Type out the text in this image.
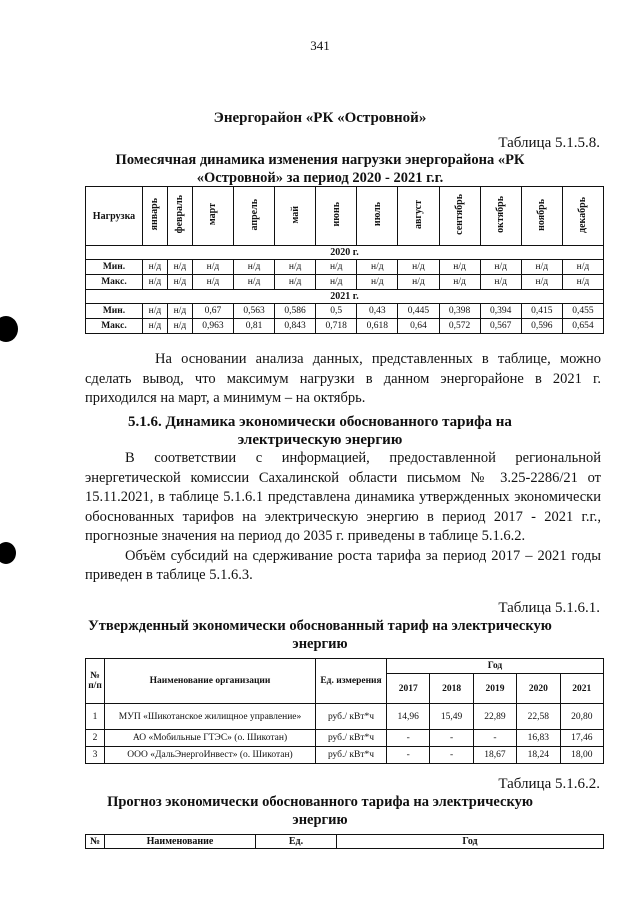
341
Энергорайон «РК «Островной»
Таблица 5.1.5.8.
Помесячная динамика изменения нагрузки энергорайона «РК
«Островной» за период 2020 - 2021 г.г.
Нагрузка	январь	февраль	март	апрель	май	июнь	июль	август	сентябрь	октябрь	ноябрь	декабрь
2020 г.												
Мин.	н/д	н/д	н/д	н/д	н/д	н/д	н/д	н/д	н/д	н/д	н/д	н/д
Макс.	н/д	н/д	н/д	н/д	н/д	н/д	н/д	н/д	н/д	н/д	н/д	н/д
2021 г.												
Мин.	н/д	н/д	0,67	0,563	0,586	0,5	0,43	0,445	0,398	0,394	0,415	0,455
Макс.	н/д	н/д	0,963	0,81	0,843	0,718	0,618	0,64	0,572	0,567	0,596	0,654

На основании анализа данных, представленных в таблице, можно сделать вывод, что максимум нагрузки в данном энергорайоне в 2021 г. приходился на март, а минимум – на октябрь.

5.1.6. Динамика экономически обоснованного тарифа на
электрическую энергию

В соответствии с информацией, предоставленной региональной энергетической комиссии Сахалинской области письмом № 3.25-2286/21 от 15.11.2021, в таблице 5.1.6.1 представлена динамика утвержденных экономически обоснованных тарифов на электрическую энергию в период 2017 - 2021 г.г., прогнозные значения на период до 2035 г. приведены в таблице 5.1.6.2.

Объём субсидий на сдерживание роста тарифа за период 2017 – 2021 годы приведен в таблице 5.1.6.3.

Таблица 5.1.6.1.
Утвержденный экономически обоснованный тариф на электрическую
энергию
№ п/п	Наименование организации	Ед. измерения	Год				
			2017	2018	2019	2020	2021
1	МУП «Шикотанское жилищное управление»	руб./ кВт*ч	14,96	15,49	22,89	22,58	20,80
2	АО «Мобильные ГТЭС» (о. Шикотан)	руб./ кВт*ч	-	-	-	16,83	17,46
3	ООО «ДальЭнергоИнвест» (о. Шикотан)	руб./ кВт*ч	-	-	18,67	18,24	18,00
Таблица 5.1.6.2.
Прогноз экономически обоснованного тарифа на электрическую
энергию
№	Наименование	Ед.	Год
